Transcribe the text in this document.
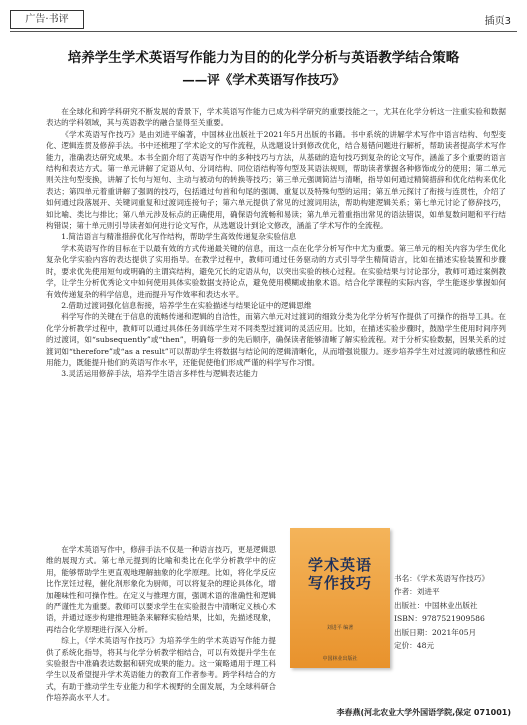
广告·书评	插页3
培养学生学术英语写作能力为目的的化学分析与英语教学结合策略
——评《学术英语写作技巧》

在全球化和跨学科研究不断发展的背景下，学术英语写作能力已成为科学研究的重要技能之一，尤其在化学分析这一注重实验和数据表达的学科领域，其与英语教学的融合显得至关重要。

《学术英语写作技巧》是由刘进平编著，中国林业出版社于2021年5月出版的书籍。书中系统的讲解学术写作中语言结构、句型变化、逻辑连贯及修辞手法。书中还梳理了学术论文的写作流程，从选题设计到修改优化，结合易错问题进行解析，帮助读者提高学术写作能力，准确表达研究成果。本书全面介绍了英语写作中的多种技巧与方法，从基础的造句技巧到复杂的论文写作，涵盖了多个重要的语言结构和表达方式。第一单元讲解了定语从句、分词结构、同位语结构等句型及其语法规则，帮助读者掌握各种修饰成分的使用；第二单元则关注句型变换，讲解了长句与短句、主动与被动句的转换等技巧；第三单元强调简洁与清晰，指导如何通过精简措辞和优化结构来优化表达；第四单元着重讲解了强调的技巧，包括通过句首和句尾的强调、重复以及特殊句型的运用；第五单元探讨了衔接与连贯性，介绍了如何通过段落展开、关键词重复和过渡词连接句子；第六单元提供了常见的过渡词用法，帮助构建逻辑关系；第七单元讨论了修辞技巧，如比喻、类比与排比；第八单元涉及标点的正确使用，确保语句流畅和易读；第九单元着重指出常见的语法错误，如单复数问题和平行结构错误；第十单元则引导读者如何进行论文写作，从选题设计到论文修改，涵盖了学术写作的全流程。

1.简洁语言与精准措辞优化写作结构，帮助学生高效传递复杂实验信息

学术英语写作的目标在于以最有效的方式传递最关键的信息，而这一点在化学分析写作中尤为重要。第三单元的相关内容为学生优化复杂化学实验内容的表达提供了实用指导。在教学过程中，教师可通过任务驱动的方式引导学生精简语言，比如在描述实验装置和步骤时，要求优先使用短句或明确的主谓宾结构，避免冗长的定语从句，以突出实验的核心过程。在实验结果与讨论部分，教师可通过案例教学，让学生分析优秀论文中如何使用具体实验数据支持论点，避免使用模糊或抽象术语。结合化学课程的实际内容，学生能逐步掌握如何有效传递复杂的科学信息，进而提升写作效率和表达水平。

2.借助过渡词强化信息衔接，培养学生在实验描述与结果论证中的逻辑思维

科学写作的关键在于信息的流畅传递和逻辑的自洽性，而第六单元对过渡词的细致分类为化学分析写作提供了可操作的指导工具。在化学分析教学过程中，教师可以通过具体任务训练学生对不同类型过渡词的灵活应用。比如，在描述实验步骤时，鼓励学生使用时间序列的过渡词，如“subsequently”或“then”，明确每一步的先后顺序，确保读者能够清晰了解实验流程。对于分析实验数据，因果关系的过渡词如“therefore”或“as a result”可以帮助学生将数据与结论间的逻辑清晰化，从而增强说服力。逐步培养学生对过渡词的敏感性和应用能力，既能提升他们的英语写作水平，还能促使他们形成严谨的科学写作习惯。

3.灵活运用修辞手法，培养学生语言多样性与逻辑表达能力

在学术英语写作中，修辞手法不仅是一种语言技巧，更是逻辑思维的展现方式。第七单元提到的比喻和类比在化学分析教学中的应用，能够帮助学生更直观地理解抽象的化学原理。比如，将化学反应比作烹饪过程，催化剂形象化为厨师，可以将复杂的理论具体化，增加趣味性和可操作性。在定义与推理方面，强调术语的准确性和逻辑的严谨性尤为重要。教师可以要求学生在实验报告中清晰定义核心术语，并通过逐步构建推理链条来解释实验结果，比如，先描述现象，再结合化学原理进行深入分析。

综上，《学术英语写作技巧》为培养学生的学术英语写作能力提供了系统化指导，将其与化学分析教学相结合，可以有效提升学生在实验报告中准确表达数据和研究成果的能力。这一策略通用于理工科学生以及希望提升学术英语能力的教育工作者参考。跨学科结合的方式，有助于推动学生专业能力和学术视野的全面发展，为全球科研合作培养高水平人才。

学术英语
写作技巧
刘进平 编著
中国林业出版社
书名：《学术英语写作技巧》
作者：刘进平
出版社：中国林业出版社
ISBN：9787521909586
出版日期：2021年05月
定价：48元
李春燕(河北农业大学外国语学院,保定 071001)
